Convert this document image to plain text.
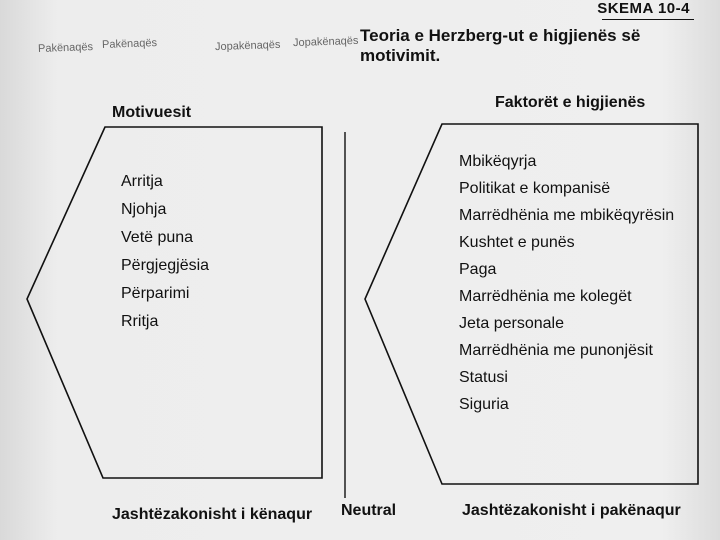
SKEMA 10-4
Pakënaqës	Jopakënaqës Jopakënaqës
Pakënaqës
Teoria e Herzberg-ut e higjienës së motivimit.
Motivuesit
Arritja
Njohja
Vetë puna
Përgjegjësia
Përparimi
Rritja
Faktorët e higjienës
Mbikëqyrja
Politikat e kompanisë
Marrëdhënia me mbikëqyrësin
Kushtet e punës
Paga
Marrëdhënia me kolegët
Jeta personale
Marrëdhënia me punonjësit
Statusi
Siguria
Jashtëzakonisht i kënaqur Neutral	Jashtëzakonisht i pakënaqur
